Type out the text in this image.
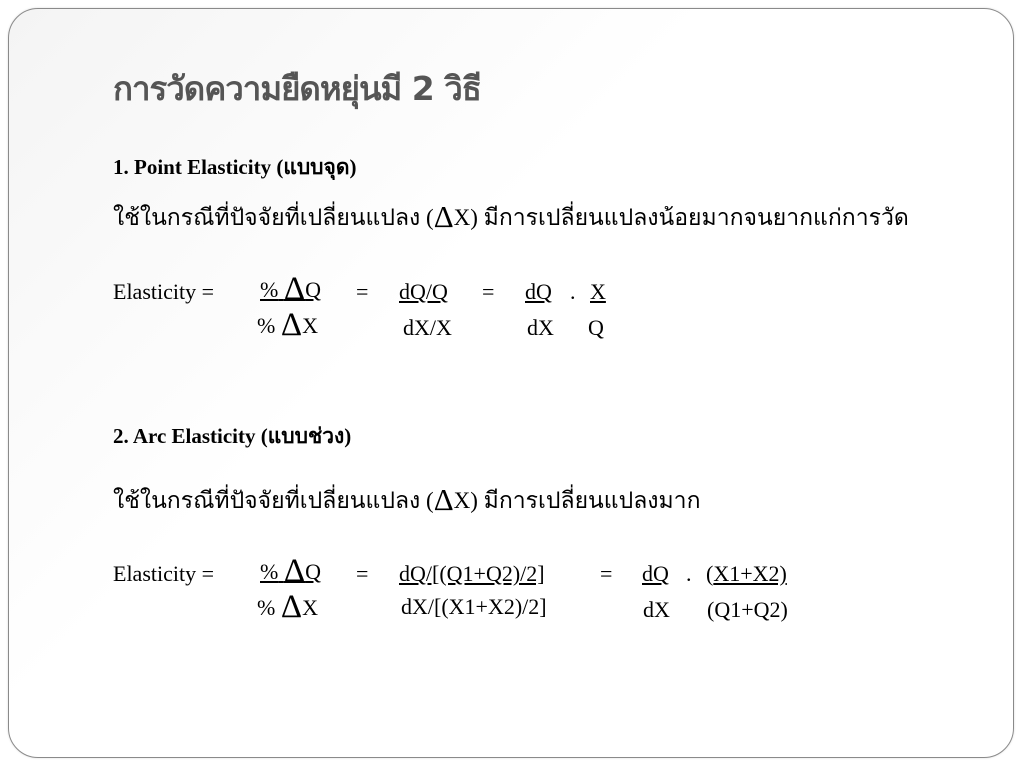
การวัดความยืดหยุ่นมี 2 วิธี
1. Point Elasticity (แบบจุด)
ใช้ในกรณีที่ปัจจัยที่เปลี่ยนแปลง (ΔX) มีการเปลี่ยนแปลงน้อยมากจนยากแก่การวัด
Elasticity = % ΔQ = dQ/Q = dQ . X
% ΔX	dX/X	dX Q
2. Arc Elasticity (แบบช่วง)
ใช้ในกรณีที่ปัจจัยที่เปลี่ยนแปลง (ΔX) มีการเปลี่ยนแปลงมาก
Elasticity = % ΔQ = dQ/[(Q1+Q2)/2]	= dQ . (X1+X2)
% ΔX	dX/[(X1+X2)/2]	dX (Q1+Q2)
